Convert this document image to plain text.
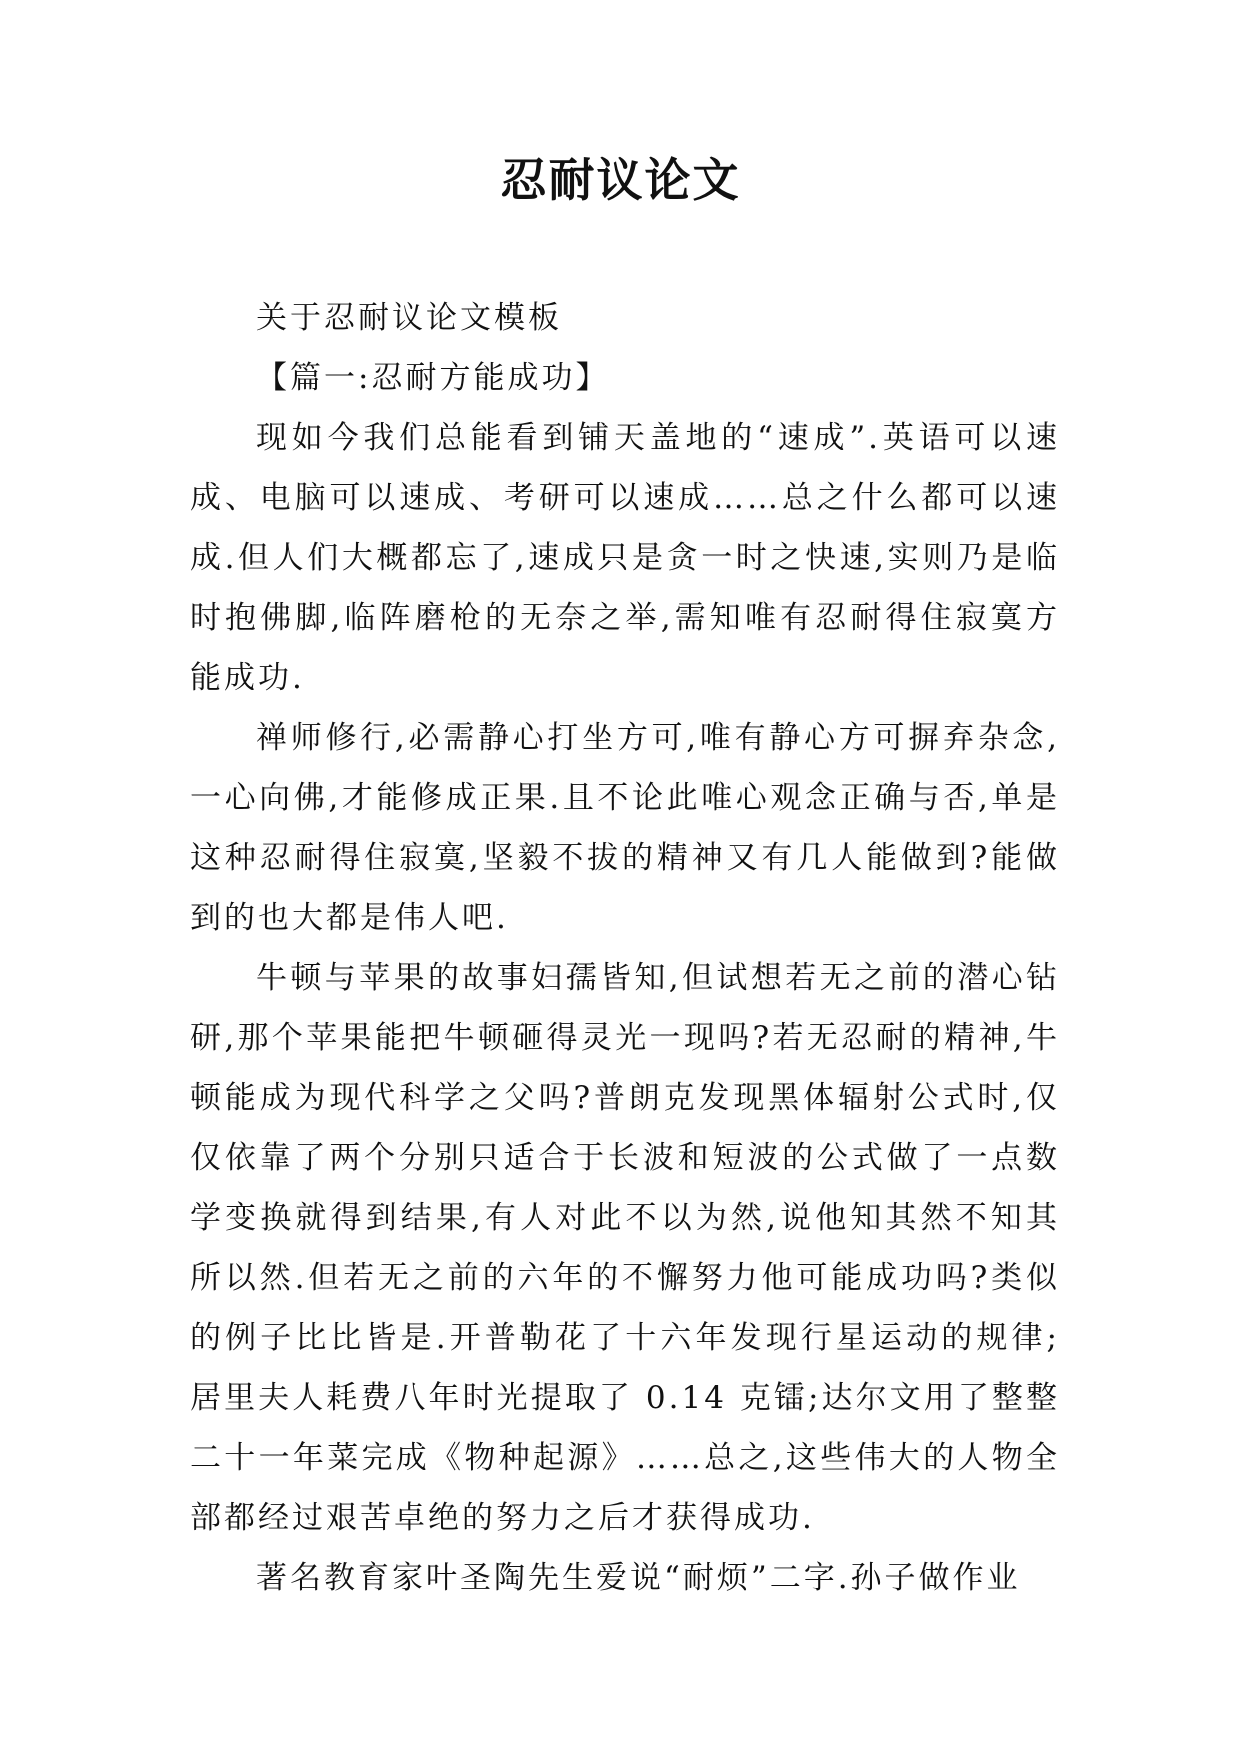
忍耐议论文

关于忍耐议论文模板

【篇一:忍耐方能成功】

现如今我们总能看到铺天盖地的“速成”.英语可以速成、电脑可以速成、考研可以速成……总之什么都可以速成.但人们大概都忘了,速成只是贪一时之快速,实则乃是临时抱佛脚,临阵磨枪的无奈之举,需知唯有忍耐得住寂寞方能成功.

禅师修行,必需静心打坐方可,唯有静心方可摒弃杂念,一心向佛,才能修成正果.且不论此唯心观念正确与否,单是这种忍耐得住寂寞,坚毅不拔的精神又有几人能做到?能做到的也大都是伟人吧.

牛顿与苹果的故事妇孺皆知,但试想若无之前的潜心钻研,那个苹果能把牛顿砸得灵光一现吗?若无忍耐的精神,牛顿能成为现代科学之父吗?普朗克发现黑体辐射公式时,仅仅依靠了两个分别只适合于长波和短波的公式做了一点数学变换就得到结果,有人对此不以为然,说他知其然不知其所以然.但若无之前的六年的不懈努力他可能成功吗?类似的例子比比皆是.开普勒花了十六年发现行星运动的规律;居里夫人耗费八年时光提取了 0.14 克镭;达尔文用了整整二十一年菜完成《物种起源》……总之,这些伟大的人物全部都经过艰苦卓绝的努力之后才获得成功.

著名教育家叶圣陶先生爱说“耐烦”二字.孙子做作业
